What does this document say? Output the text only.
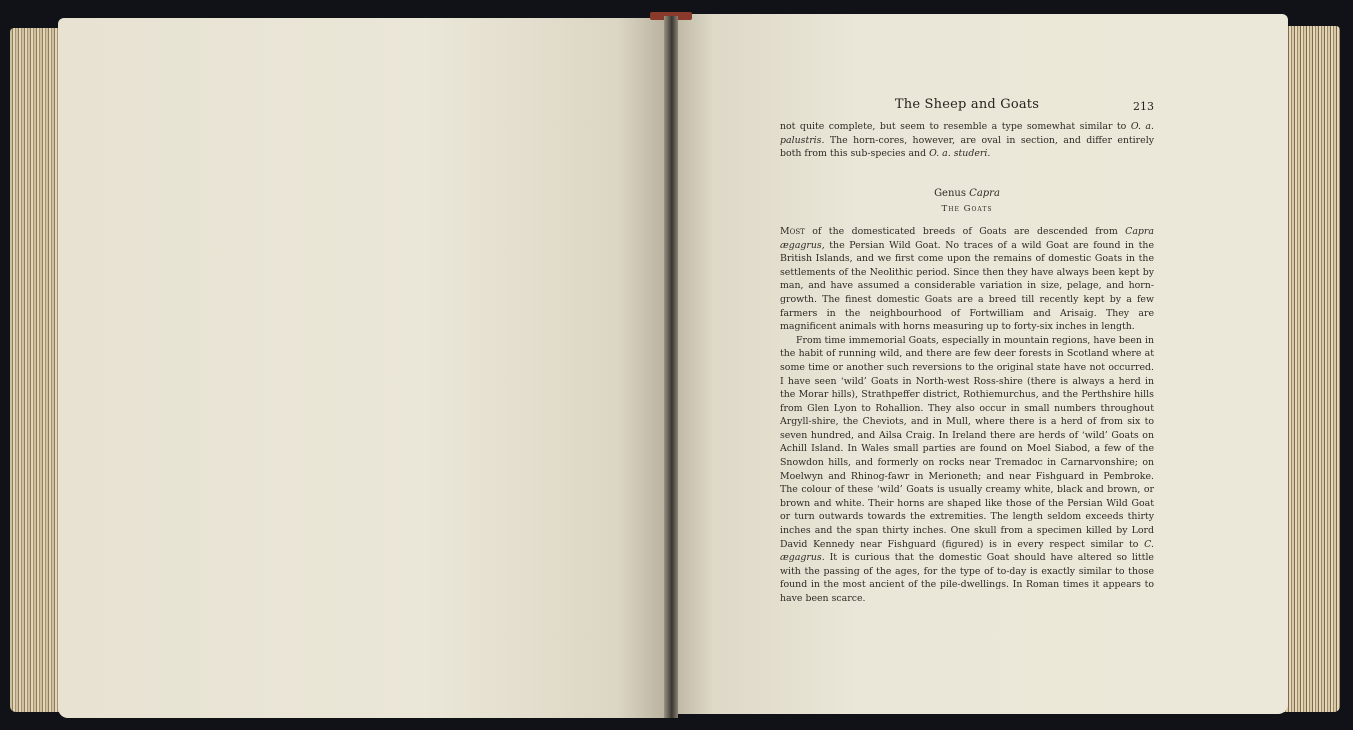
The Sheep and Goats	213

not quite complete, but seem to resemble a type somewhat similar to O. a. palustris. The horn-cores, however, are oval in section, and differ entirely both from this sub-species and O. a. studeri.

Genus Capra
The Goats

Most of the domesticated breeds of Goats are descended from Capra ægagrus, the Persian Wild Goat. No traces of a wild Goat are found in the British Islands, and we first come upon the remains of domestic Goats in the settlements of the Neolithic period. Since then they have always been kept by man, and have assumed a considerable variation in size, pelage, and horn-growth. The finest domestic Goats are a breed till recently kept by a few farmers in the neighbourhood of Fortwilliam and Arisaig. They are magnificent animals with horns measuring up to forty-six inches in length.

From time immemorial Goats, especially in mountain regions, have been in the habit of running wild, and there are few deer forests in Scotland where at some time or another such reversions to the original state have not occurred. I have seen ‘wild’ Goats in North-west Ross-shire (there is always a herd in the Morar hills), Strathpeffer district, Rothiemurchus, and the Perthshire hills from Glen Lyon to Rohallion. They also occur in small numbers throughout Argyll-shire, the Cheviots, and in Mull, where there is a herd of from six to seven hundred, and Ailsa Craig. In Ireland there are herds of ‘wild’ Goats on Achill Island. In Wales small parties are found on Moel Siabod, a few of the Snowdon hills, and formerly on rocks near Tremadoc in Carnarvonshire; on Moelwyn and Rhinog-fawr in Merioneth; and near Fishguard in Pembroke. The colour of these ‘wild’ Goats is usually creamy white, black and brown, or brown and white. Their horns are shaped like those of the Persian Wild Goat or turn outwards towards the extremities. The length seldom exceeds thirty inches and the span thirty inches. One skull from a specimen killed by Lord David Kennedy near Fishguard (figured) is in every respect similar to C. ægagrus. It is curious that the domestic Goat should have altered so little with the passing of the ages, for the type of to-day is exactly similar to those found in the most ancient of the pile-dwellings. In Roman times it appears to have been scarce.
